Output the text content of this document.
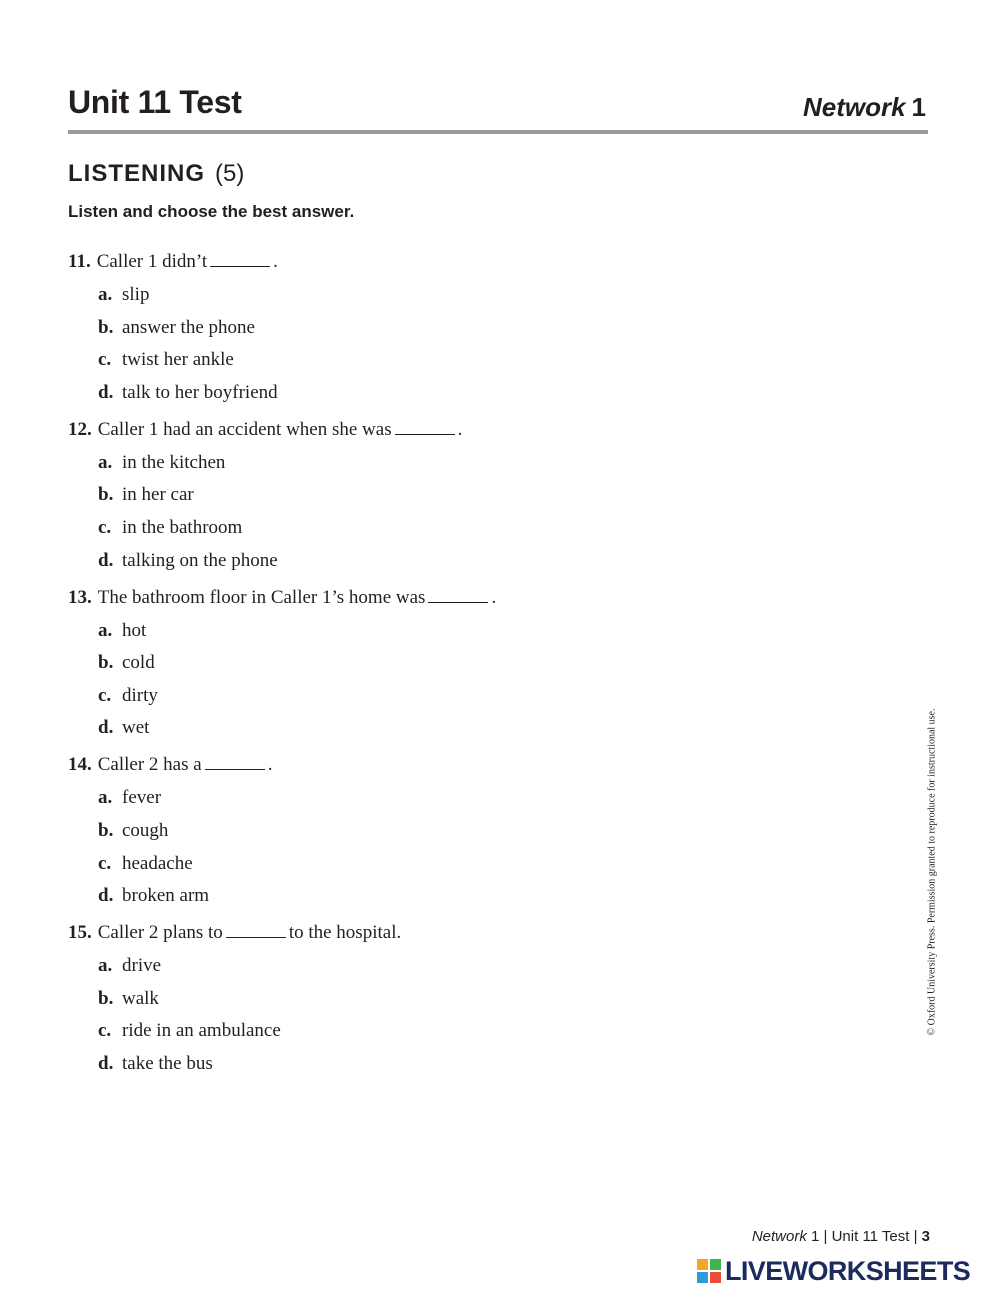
Unit 11 Test	Network 1
LISTENING (5)
Listen and choose the best answer.
11. Caller 1 didn’t	.
a. slip
b. answer the phone
c. twist her ankle
d. talk to her boyfriend
12. Caller 1 had an accident when she was	.
a. in the kitchen
b. in her car
c. in the bathroom
d. talking on the phone
13. The bathroom floor in Caller 1’s home was	.
a. hot
b. cold
c. dirty
d. wet
14. Caller 2 has a	.
a. fever
b. cough
c. headache
d. broken arm
15. Caller 2 plans to	to the hospital.
a. drive
b. walk
c. ride in an ambulance
d. take the bus
© Oxford University Press. Permission granted to reproduce for instructional use.
Network 1 | Unit 11 Test | 3
LIVEWORKSHEETS
